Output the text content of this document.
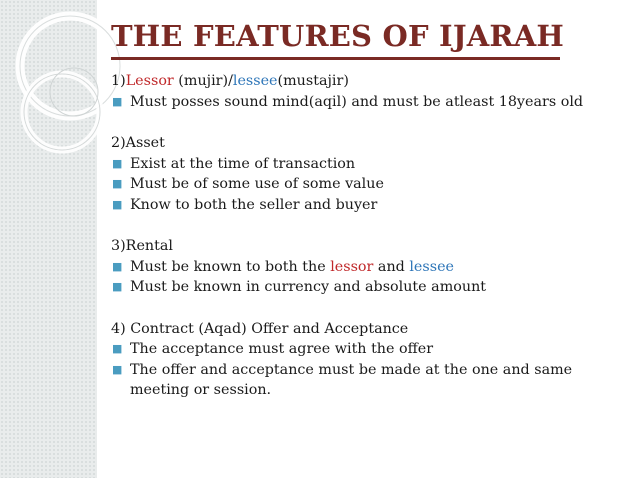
THE FEATURES OF IJARAH

1)Lessor (mujir)/lessee(mustajir)

■ Must posses sound mind(aqil) and must be atleast 18years old

2)Asset

■ Exist at the time of transaction

■ Must be of some use of some value

■ Know to both the seller and buyer

3)Rental

■ Must be known to both the lessor and lessee

■ Must be known in currency and absolute amount

4) Contract (Aqad) Offer and Acceptance

■ The acceptance must agree with the offer

■ The offer and acceptance must be made at the one and same meeting or session.
